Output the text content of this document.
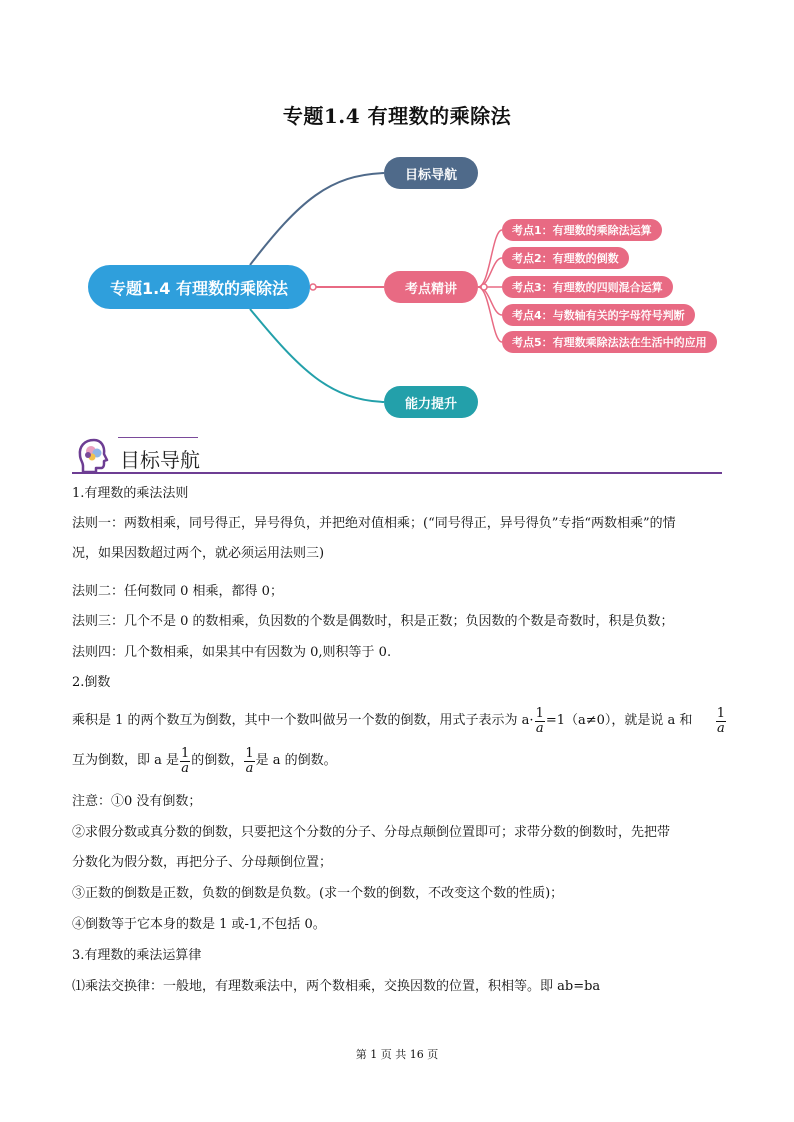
专题1.4 有理数的乘除法
专题1.4 有理数的乘除法
目标导航
考点精讲
能力提升
考点1：有理数的乘除法运算
考点2：有理数的倒数
考点3：有理数的四则混合运算
考点4：与数轴有关的字母符号判断
考点5：有理数乘除法法在生活中的应用
目标导航
1.有理数的乘法法则
法则一：两数相乘，同号得正，异号得负，并把绝对值相乘；(“同号得正，异号得负”专指“两数相乘”的情
况，如果因数超过两个，就必须运用法则三)
法则二：任何数同 0 相乘，都得 0；
法则三：几个不是 0 的数相乘，负因数的个数是偶数时，积是正数；负因数的个数是奇数时，积是负数；
法则四：几个数相乘，如果其中有因数为 0,则积等于 0.
2.倒数
乘积是 1 的两个数互为倒数，其中一个数叫做另一个数的倒数，用式子表示为 $a\cdot \frac{1}{a} =1(a\ne 0)$，就是说 a 和 $\frac{1}{a}$
互为倒数，即 a 是 $\frac{1}{a}$ 的倒数， $\frac{1}{a}$ 是 a 的倒数。
注意：①0 没有倒数；
②求假分数或真分数的倒数，只要把这个分数的分子、分母点颠倒位置即可；求带分数的倒数时，先把带
分数化为假分数，再把分子、分母颠倒位置；
③正数的倒数是正数，负数的倒数是负数。(求一个数的倒数，不改变这个数的性质)；
④倒数等于它本身的数是 1 或-1,不包括 0。
3.有理数的乘法运算律
⑴乘法交换律：一般地，有理数乘法中，两个数相乘，交换因数的位置，积相等。即 ab=ba
第 1 页 共 16 页
